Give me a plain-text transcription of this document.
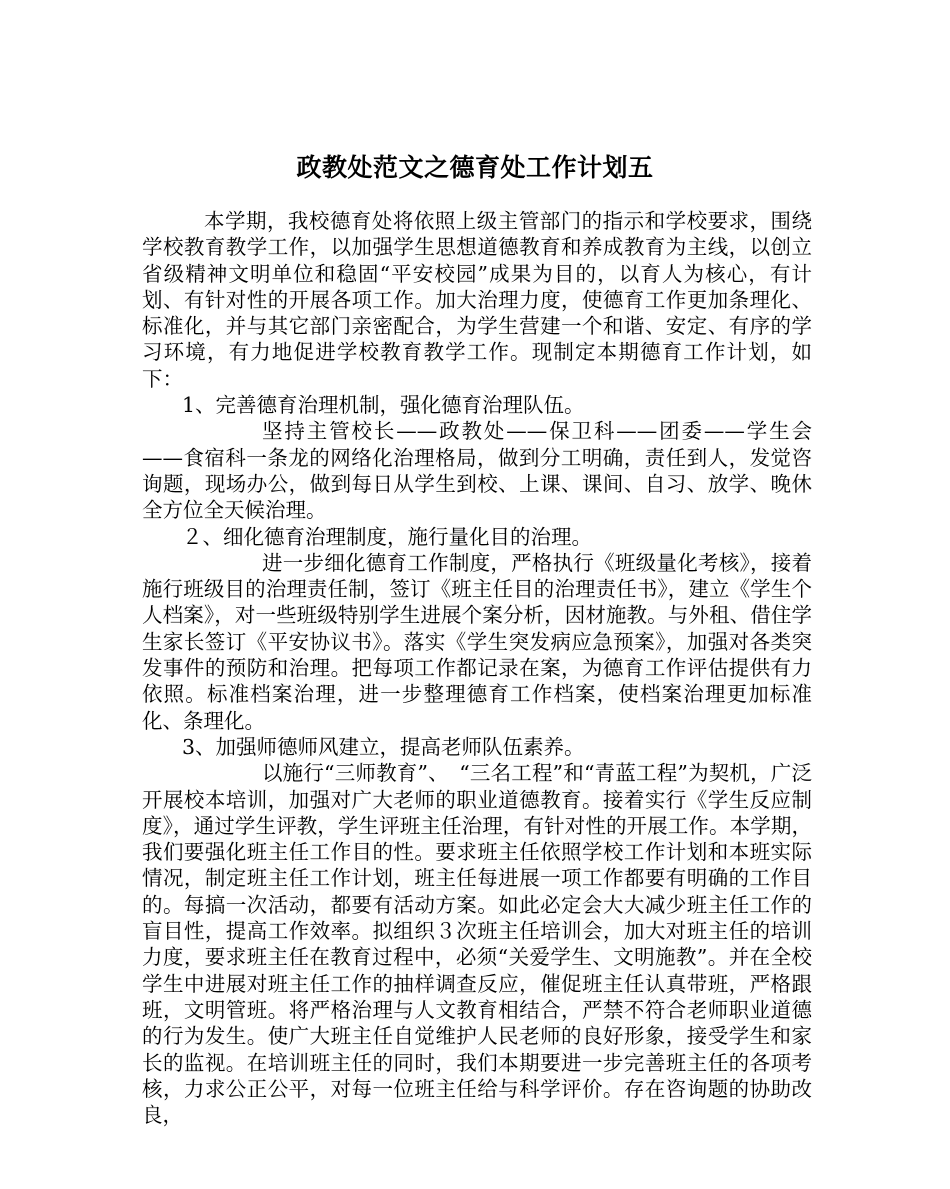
政教处范文之德育处工作计划五

本学期，我校德育处将依照上级主管部门的指示和学校要求，围绕学校教育教学工作，以加强学生思想道德教育和养成教育为主线，以创立省级精神文明单位和稳固“平安校园”成果为目的，以育人为核心，有计划、有针对性的开展各项工作。加大治理力度，使德育工作更加条理化、标准化，并与其它部门亲密配合，为学生营建一个和谐、安定、有序的学习环境，有力地促进学校教育教学工作。现制定本期德育工作计划，如下：

1、完善德育治理机制，强化德育治理队伍。

坚持主管校长——政教处——保卫科——团委——学生会——食宿科一条龙的网络化治理格局，做到分工明确，责任到人，发觉咨询题，现场办公，做到每日从学生到校、上课、课间、自习、放学、晚休全方位全天候治理。

２、细化德育治理制度，施行量化目的治理。

进一步细化德育工作制度，严格执行《班级量化考核》，接着施行班级目的治理责任制，签订《班主任目的治理责任书》，建立《学生个人档案》，对一些班级特别学生进展个案分析，因材施教。与外租、借住学生家长签订《平安协议书》。落实《学生突发病应急预案》，加强对各类突发事件的预防和治理。把每项工作都记录在案，为德育工作评估提供有力依照。标准档案治理，进一步整理德育工作档案，使档案治理更加标准化、条理化。

3、加强师德师风建立，提高老师队伍素养。

以施行“三师教育”、　“三名工程”和“青蓝工程”为契机，广泛开展校本培训，加强对广大老师的职业道德教育。接着实行《学生反应制度》，通过学生评教，学生评班主任治理，有针对性的开展工作。本学期，我们要强化班主任工作目的性。要求班主任依照学校工作计划和本班实际情况，制定班主任工作计划，班主任每进展一项工作都要有明确的工作目的。每搞一次活动，都要有活动方案。如此必定会大大减少班主任工作的盲目性，提高工作效率。拟组织３次班主任培训会，加大对班主任的培训力度，要求班主任在教育过程中，必须“关爱学生、文明施教”。并在全校学生中进展对班主任工作的抽样调查反应，催促班主任认真带班，严格跟班，文明管班。将严格治理与人文教育相结合，严禁不符合老师职业道德的行为发生。使广大班主任自觉维护人民老师的良好形象，接受学生和家长的监视。在培训班主任的同时，我们本期要进一步完善班主任的各项考核，力求公正公平，对每一位班主任给与科学评价。存在咨询题的协助改良，
